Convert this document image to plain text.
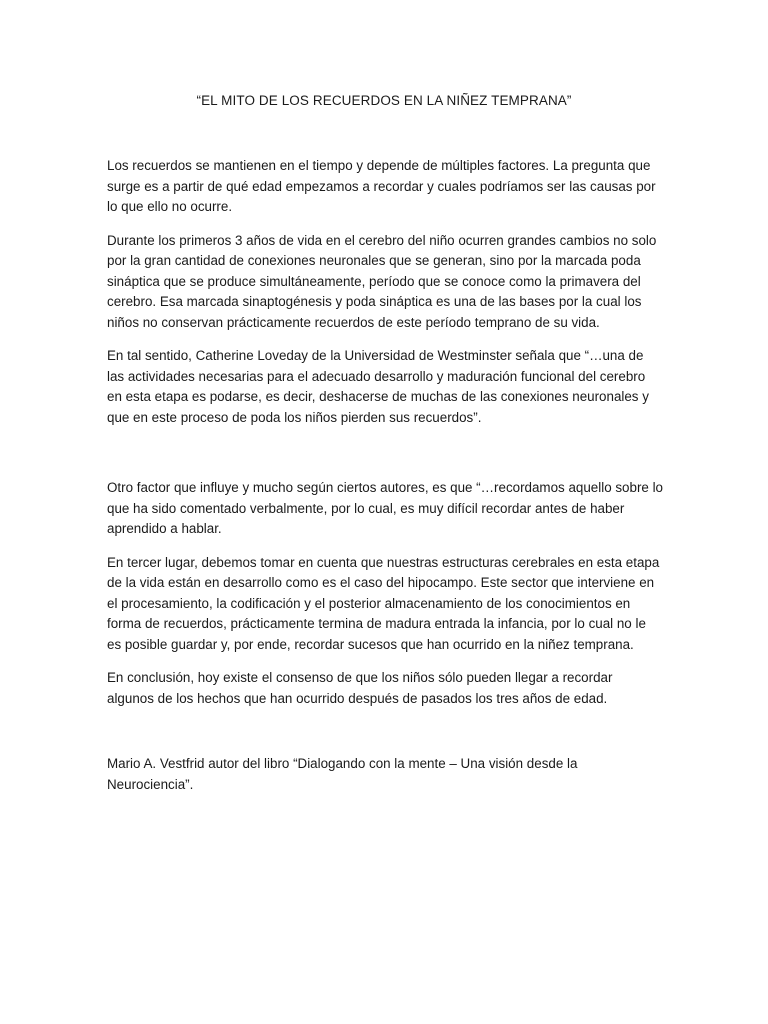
“EL MITO DE LOS RECUERDOS EN LA NIÑEZ TEMPRANA”

Los recuerdos se mantienen en el tiempo y depende de múltiples factores. La pregunta que surge es a partir de qué edad empezamos a recordar y cuales podríamos ser las causas por lo que ello no ocurre.

Durante los primeros 3 años de vida en el cerebro del niño ocurren grandes cambios no solo por la gran cantidad de conexiones neuronales que se generan, sino por la marcada poda sináptica que se produce simultáneamente, período que se conoce como la primavera del cerebro. Esa marcada sinaptogénesis y poda sináptica es una de las bases por la cual los niños no conservan prácticamente recuerdos de este período temprano de su vida.

En tal sentido, Catherine Loveday de la Universidad de Westminster señala que “…una de las actividades necesarias para el adecuado desarrollo y maduración funcional del cerebro en esta etapa es podarse, es decir, deshacerse de muchas de las conexiones neuronales y que en este proceso de poda los niños pierden sus recuerdos”.

Otro factor que influye y mucho según ciertos autores, es que “…recordamos aquello sobre lo que ha sido comentado verbalmente, por lo cual, es muy difícil recordar antes de haber aprendido a hablar.

En tercer lugar, debemos tomar en cuenta que nuestras estructuras cerebrales en esta etapa de la vida están en desarrollo como es el caso del hipocampo. Este sector que interviene en el procesamiento, la codificación y el posterior almacenamiento de los conocimientos en forma de recuerdos, prácticamente termina de madura entrada la infancia, por lo cual no le es posible guardar y, por ende, recordar sucesos que han ocurrido en la niñez temprana.

En conclusión, hoy existe el consenso de que los niños sólo pueden llegar a recordar algunos de los hechos que han ocurrido después de pasados los tres años de edad.

Mario A. Vestfrid autor del libro “Dialogando con la mente – Una visión desde la Neurociencia”.
